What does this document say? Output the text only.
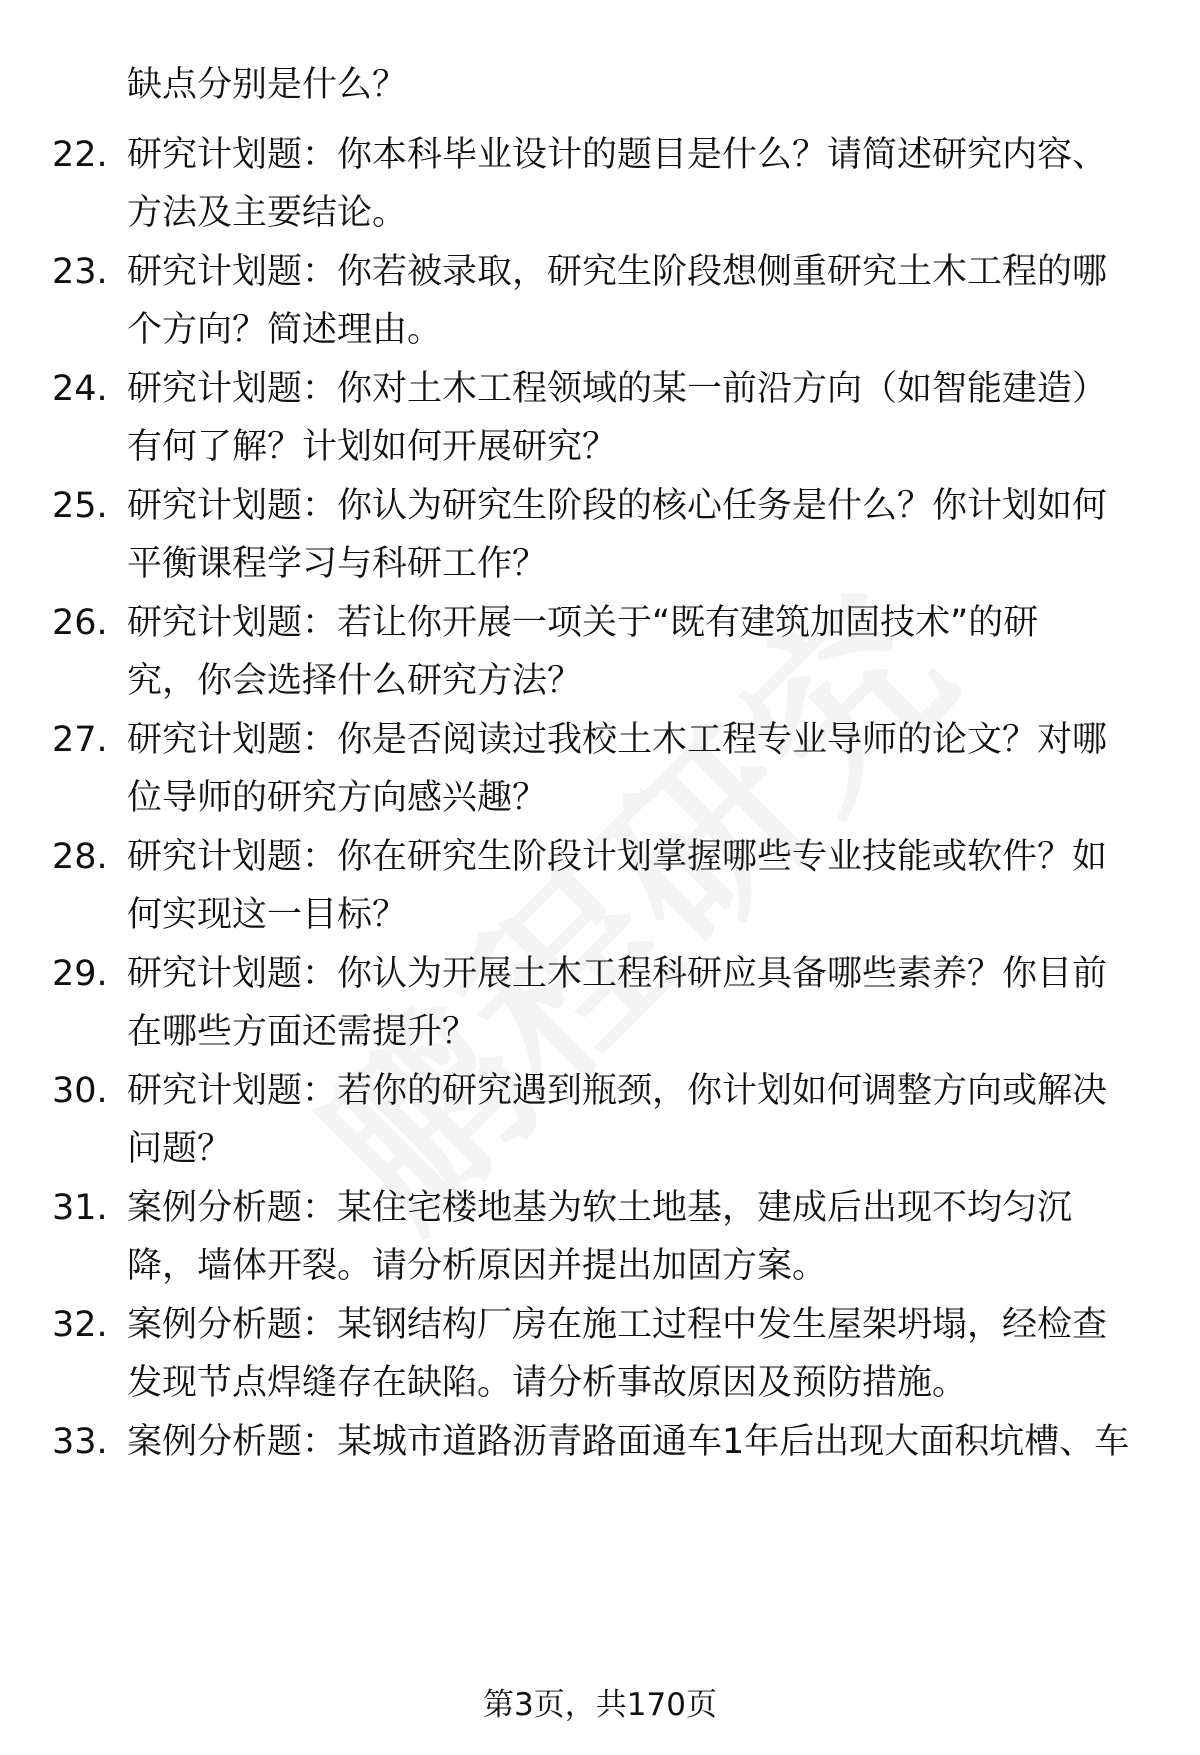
缺点分别是什么？
22. 研究计划题：你本科毕业设计的题目是什么？请简述研究内容、
方法及主要结论。
23. 研究计划题：你若被录取，研究生阶段想侧重研究土木工程的哪
个方向？简述理由。
24. 研究计划题：你对土木工程领域的某一前沿方向（如智能建造）
有何了解？计划如何开展研究？
25. 研究计划题：你认为研究生阶段的核心任务是什么？你计划如何
平衡课程学习与科研工作？
26. 研究计划题：若让你开展一项关于“既有建筑加固技术”的研
究，你会选择什么研究方法？
27. 研究计划题：你是否阅读过我校土木工程专业导师的论文？对哪
位导师的研究方向感兴趣？
28. 研究计划题：你在研究生阶段计划掌握哪些专业技能或软件？如
何实现这一目标？
29. 研究计划题：你认为开展土木工程科研应具备哪些素养？你目前
在哪些方面还需提升？
30. 研究计划题：若你的研究遇到瓶颈，你计划如何调整方向或解决
问题？
31. 案例分析题：某住宅楼地基为软土地基，建成后出现不均匀沉
降，墙体开裂。请分析原因并提出加固方案。
32. 案例分析题：某钢结构厂房在施工过程中发生屋架坍塌，经检查
发现节点焊缝存在缺陷。请分析事故原因及预防措施。
33. 案例分析题：某城市道路沥青路面通车1年后出现大面积坑槽、车
第3页，共170页
